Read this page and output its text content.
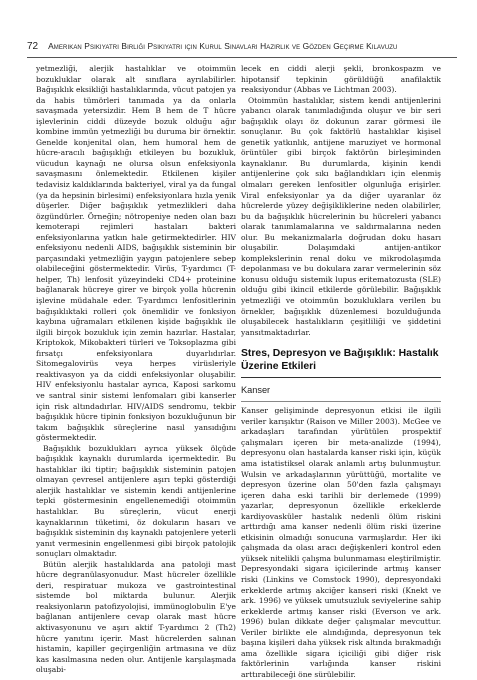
72 Amerikan Psikiyatri Birliği Psikiyatri için Kurul Sınavları Hazırlık ve Gözden Geçirme Kılavuzu

yetmezliği, alerjik hastalıklar ve otoimmün bozukluklar olarak alt sınıflara ayrılabilirler. Bağışıklık eksikliği hastalıklarında, vücut patojen ya da habis tümörleri tanımada ya da onlarla savaşmada yetersizdir. Hem B hem de T hücre işlevlerinin ciddi düzeyde bozuk olduğu ağır kombine immün yetmezliği bu duruma bir örnektir. Genelde konjenital olan, hem humoral hem de hücre-aracılı bağışıklığı etkileyen bu bozukluk, vücudun kaynağı ne olursa olsun enfeksiyonla savaşmasını önlemektedir. Etkilenen kişiler tedavisiz kaldıklarında bakteriyel, viral ya da fungal (ya da hepsinin birlesimi) enfeksiyonlara hızla yenik düşerler. Diğer bağışıklık yetmezlikleri daha özgündürler. Örneğin; nötropeniye neden olan bazı kemoterapi rejimleri hastaları bakteri enfeksiyonlarına yatkın hale getirmektedirler. HIV enfeksiyonu nedenli AIDS, bağışıklık sisteminin bir parçasındaki yetmezliğin yaygın patojenlere sebep olabileceğini göstermektedir. Virüs, T-yardımcı (T-helper, Th) lenfosit yüzeyindeki CD4+ proteinine bağlanarak hücreye girer ve birçok yolla hücrenin işlevine müdahale eder. T-yardımcı lenfositlerinin bağışıklıktaki rolleri çok önemlidir ve fonksiyon kaybına uğramaları etkilenen kişide bağışıklık ile ilgili birçok bozukluk için zemin hazırlar. Hastalar, Kriptokok, Mikobakteri türleri ve Toksoplazma gibi fırsatçı enfeksiyonlara duyarlıdırlar. Sitomegalovirüs veya herpes virüsleriyle reaktivasyon ya da ciddi enfeksiyonlar oluşabilir. HIV enfeksiyonlu hastalar ayrıca, Kaposi sarkomu ve santral sinir sistemi lenfomaları gibi kanserler için risk altındadırlar. HIV/AIDS sendromu, tekbir bağışıklık hücre tipinin fonksiyon bozukluğunun bir takım bağışıklık süreçlerine nasıl yansıdığını göstermektedir.

Bağışıklık bozuklukları ayrıca yüksek ölçüde bağışıklık kaynaklı durumlarda içermektedir. Bu hastalıklar iki tiptir; bağışıklık sisteminin patojen olmayan çevresel antijenlere aşırı tepki gösterdiği alerjik hastalıklar ve sistemin kendi antijenlerine tepki göstermesinin engellenemediği otoimmün hastalıklar. Bu süreçlerin, vücut enerji kaynaklarının tüketimi, öz dokuların hasarı ve bağışıklık sisteminin dış kaynaklı patojenlere yeterli yanıt vermesinin engellenmesi gibi birçok patolojik sonuçları olmaktadır.

Bütün alerjik hastalıklarda ana patoloji mast hücre degranülasyonudur. Mast hücreler özellikle deri, respiratuar mukoza ve gastrointestinal sistemde bol miktarda bulunur. Alerjik reaksiyonların patofizyolojisi, immünoglobulin E'ye bağlanan antijenlere cevap olarak mast hücre aktivasyonunu ve aşırı aktif T-yardımcı 2 (Th2) hücre yanıtını içerir. Mast hücrelerden salınan histamin, kapiller geçirgenliğin artmasına ve düz kas kasılmasına neden olur. Antijenle karşılaşmada oluşabi-

lecek en ciddi alerji şekli, bronkospazm ve hipotansif tepkinin görüldüğü anafilaktik reaksiyondur (Abbas ve Lichtman 2003).

Otoimmün hastalıklar, sistem kendi antijenlerini yabancı olarak tanımladığında oluşur ve bir seri bağışıklık olayı öz dokunun zarar görmesi ile sonuçlanır. Bu çok faktörlü hastalıklar kişisel genetik yatkınlık, antijene maruziyet ve hormonal örüntüler gibi birçok faktörün birleşiminden kaynaklanır. Bu durumlarda, kişinin kendi antijenlerine çok sıkı bağlandıkları için elenmiş olmaları gereken lenfositler olgunluğa erişirler. Viral enfeksiyonlar ya da diğer uyaranlar öz hücrelerde yüzey değişikliklerine neden olabilirler, bu da bağışıklık hücrelerinin bu hücreleri yabancı olarak tanımlamalarına ve saldırmalarına neden olur. Bu mekanizmalarla doğrudan doku hasarı oluşabilir. Dolaşımdaki antijen-antikor komplekslerinin renal doku ve mikrodolaşımda depolanması ve bu dokulara zarar vermelerinin söz konusu olduğu sistemik lupus eritematozusta (SLE) olduğu gibi ikincil etkilerde görülebilir. Bağışıklık yetmezliği ve otoimmün bozukluklara verilen bu örnekler, bağışıklık düzenlemesi bozulduğunda oluşabilecek hastalıkların çeşitliliği ve şiddetini yansıtmaktadırlar.

Stres, Depresyon ve Bağışıklık: Hastalık Üzerine Etkileri
Kanser

Kanser gelişiminde depresyonun etkisi ile ilgili veriler karışıktır (Raison ve Miller 2003). McGee ve arkadaşları tarafından yürütülen prospektif çalışmaları içeren bir meta-analizde (1994), depresyonu olan hastalarda kanser riski için, küçük ama istatistiksel olarak anlamlı artış bulunmuştur. Wulsin ve arkadaşlarının yürüttüğü, mortalite ve depresyon üzerine olan 50'den fazla çalışmayı içeren daha eski tarihli bir derlemede (1999) yazarlar, depresyonun özellikle erkeklerde kardiyovasküler hastalık nedenli ölüm riskini arttırdığı ama kanser nedenli ölüm riski üzerine etkisinin olmadığı sonucuna varmışlardır. Her iki çalışmada da olası aracı değişkenleri kontrol eden yüksek nitelikli çalışma bulunmaması eleştirilmiştir. Depresyondaki sigara içicilerinde artmış kanser riski (Linkins ve Comstock 1990), depresyondaki erkeklerde artmış akciğer kanseri riski (Knekt ve ark. 1996) ve yüksek umutsuzluk seviyelerine sahip erkeklerde artmış kanser riski (Everson ve ark. 1996) bulan dikkate değer çalışmalar mevcuttur. Veriler birlikte ele alındığında, depresyonun tek başına kişileri daha yüksek risk altında bırakmadığı ama özellikle sigara içiciliği gibi diğer risk faktörlerinin varlığında kanser riskini arttırabileceği öne sürülebilir.
